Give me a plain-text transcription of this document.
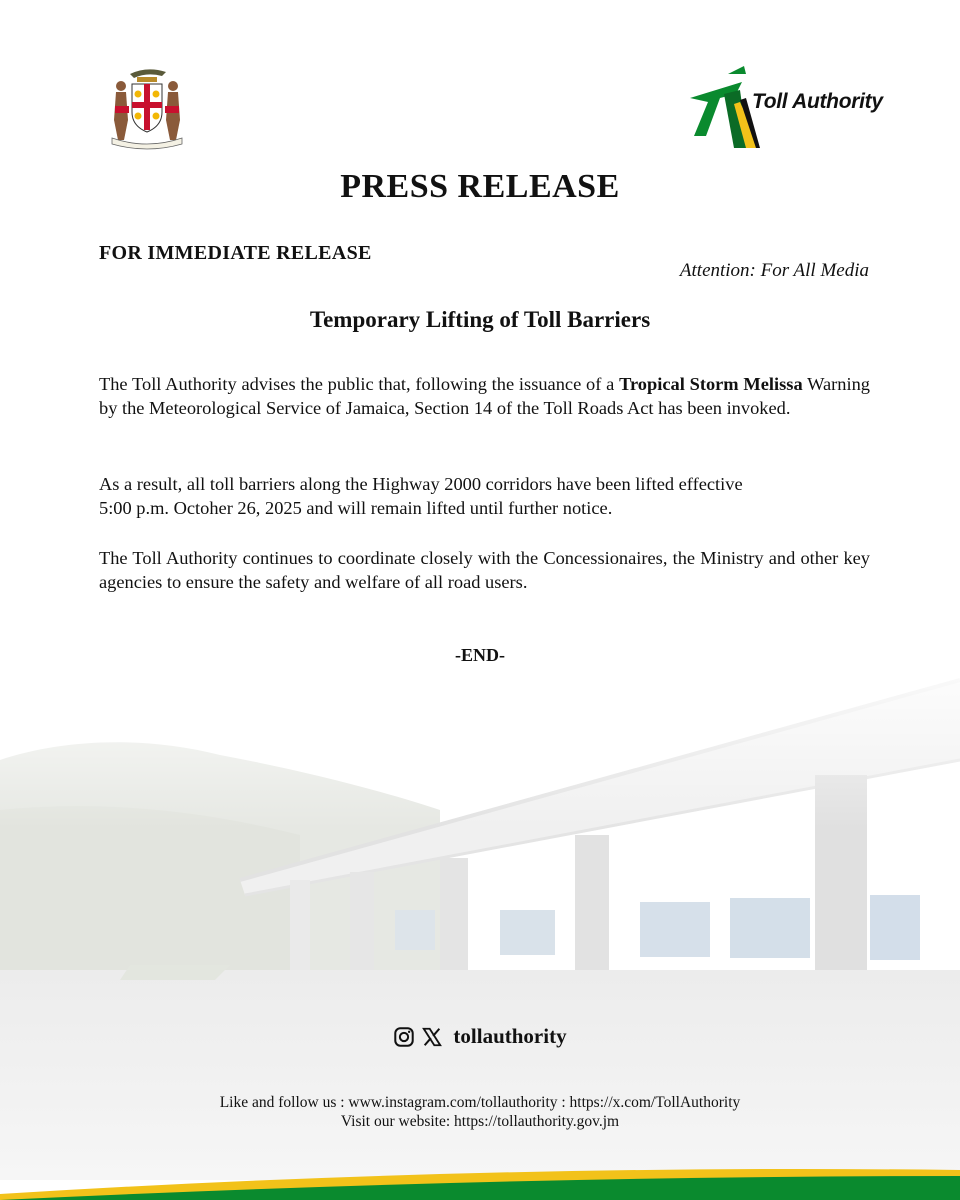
Toll Authority
PRESS RELEASE
FOR IMMEDIATE RELEASE
Attention: For All Media
Temporary Lifting of Toll Barriers
The Toll Authority advises the public that, following the issuance of a Tropical Storm Melissa Warning by the Meteorological Service of Jamaica, Section 14 of the Toll Roads Act has been invoked.
As a result, all toll barriers along the Highway 2000 corridors have been lifted effective
5:00 p.m. Octoher 26, 2025 and will remain lifted until further notice.
The Toll Authority continues to coordinate closely with the Concessionaires, the Ministry and other key agencies to ensure the safety and welfare of all road users.
-END-
tollauthority
Like and follow us : www.instagram.com/tollauthority : https://x.com/TollAuthority
Visit our website: https://tollauthority.gov.jm
